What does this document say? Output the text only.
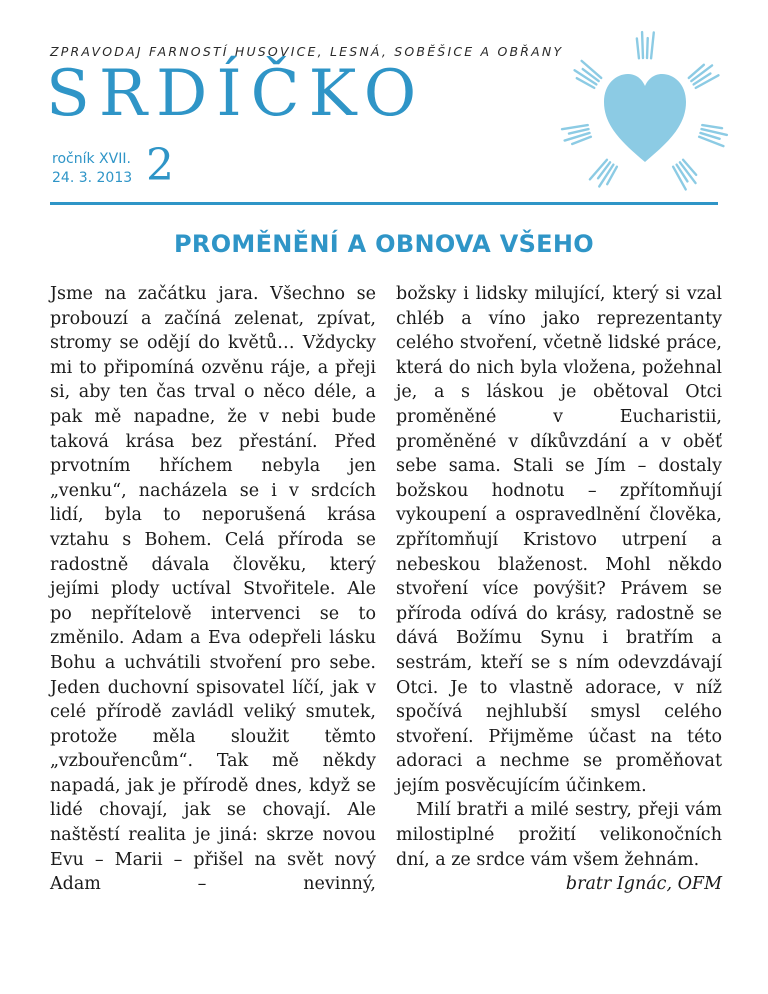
ZPRAVODAJ FARNOSTÍ HUSOVICE, LESNÁ, SOBĚŠICE A OBŘANY
SRDÍČKO
ročník XVII.
24. 3. 2013 2
PROMĚNĚNÍ A OBNOVA VŠEHO

Jsme na začátku jara. Všechno se probouzí a začíná zelenat, zpívat, stromy se odějí do květů… Vždycky mi to připomíná ozvěnu ráje, a přeji si, aby ten čas trval o něco déle, a pak mě napadne, že v nebi bude taková krása bez přestání. Před prvotním hříchem nebyla jen „venku“, nacházela se i v srdcích lidí, byla to neporušená krása vztahu s Bohem. Celá příroda se radostně dávala člověku, který jejími plody uctíval Stvořitele. Ale po nepřítelově intervenci se to změnilo. Adam a Eva odepřeli lásku Bohu a uchvátili stvoření pro sebe. Jeden duchovní spisovatel líčí, jak v celé přírodě zavládl veliký smutek, protože měla sloužit těmto „vzbouřencům“. Tak mě někdy napadá, jak je přírodě dnes, když se lidé chovají, jak se chovají. Ale naštěstí realita je jiná: skrze novou Evu – Marii – přišel na svět nový Adam – nevinný,

božsky i lidsky milující, který si vzal chléb a víno jako reprezentanty celého stvoření, včetně lidské práce, která do nich byla vložena, požehnal je, a s láskou je obětoval Otci proměněné v Eucharistii, proměněné v díkůvzdání a v oběť sebe sama. Stali se Jím – dostaly božskou hodnotu – zpřítomňují vykoupení a ospravedlnění člověka, zpřítomňují Kristovo utrpení a nebeskou blaženost. Mohl někdo stvoření více povýšit? Právem se příroda odívá do krásy, radostně se dává Božímu Synu i bratřím a sestrám, kteří se s ním odevzdávají Otci. Je to vlastně adorace, v níž spočívá nejhlubší smysl celého stvoření. Přijměme účast na této adoraci a nechme se proměňovat jejím posvěcujícím účinkem.

Milí bratři a milé sestry, přeji vám milostiplné prožití velikonočních dní, a ze srdce vám všem žehnám.

bratr Ignác, OFM
